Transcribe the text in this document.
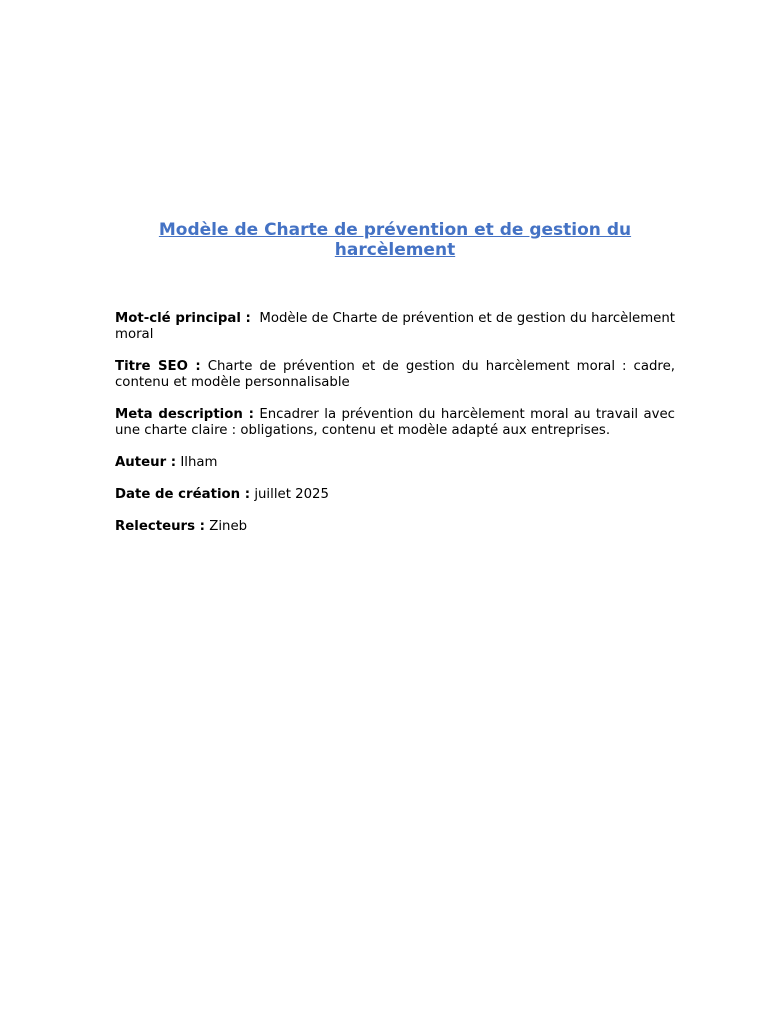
Modèle de Charte de prévention et de gestion du harcèlement

Mot-clé principal : Modèle de Charte de prévention et de gestion du harcèlement moral

Titre SEO : Charte de prévention et de gestion du harcèlement moral : cadre, contenu et modèle personnalisable

Meta description : Encadrer la prévention du harcèlement moral au travail avec une charte claire : obligations, contenu et modèle adapté aux entreprises.

Auteur : Ilham

Date de création : juillet 2025

Relecteurs : Zineb
